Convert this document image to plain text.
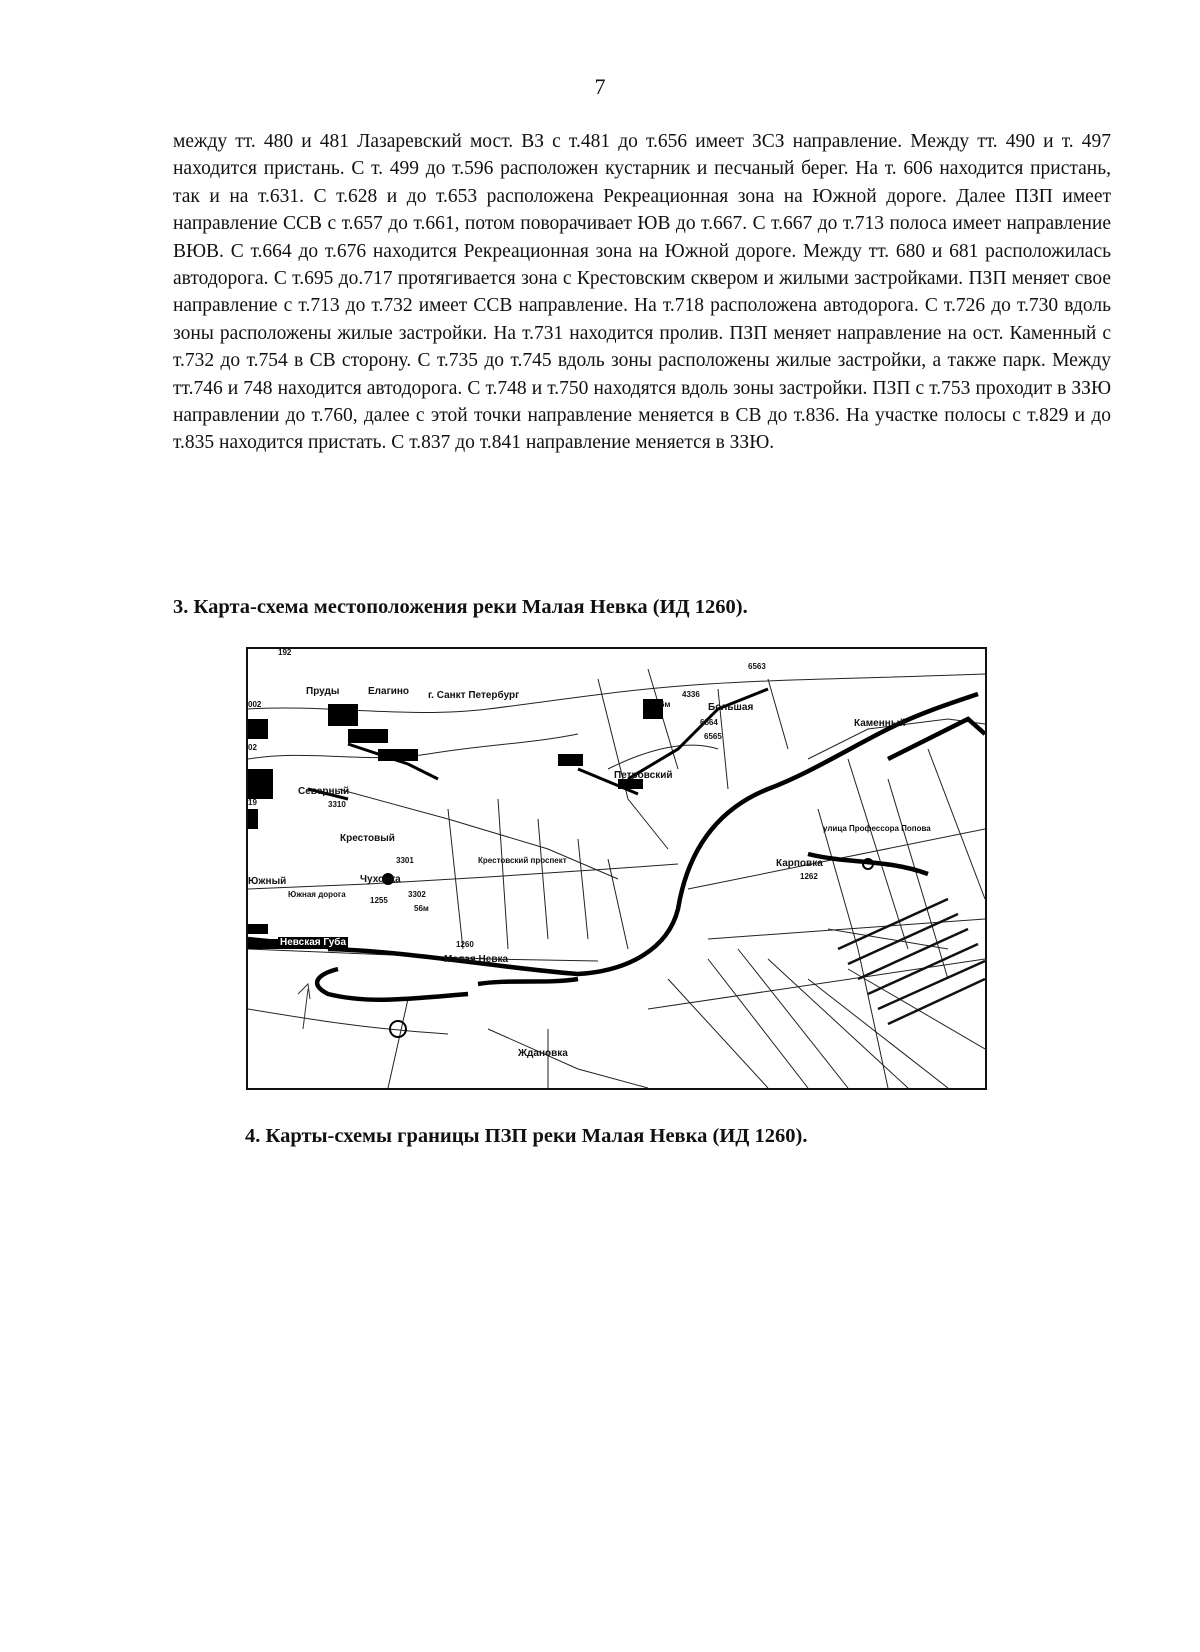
7

между тт. 480 и 481 Лазаревский мост. ВЗ с т.481 до т.656 имеет ЗСЗ направление. Между тт. 490 и т. 497 находится пристань. С т. 499 до т.596 расположен кустарник и песчаный берег. На т. 606 находится пристань, так и на т.631. С т.628 и до т.653 расположена Рекреационная зона на Южной дороге. Далее ПЗП имеет направление ССВ с т.657 до т.661, потом поворачивает ЮВ до т.667. С т.667 до т.713 полоса имеет направление ВЮВ. С т.664 до т.676 находится Рекреационная зона на Южной дороге. Между тт. 680 и 681 расположилась автодорога. С т.695 до.717 протягивается зона с Крестовским сквером и жилыми застройками. ПЗП меняет свое направление с т.713 до т.732 имеет ССВ направление. На т.718 расположена автодорога. С т.726 до т.730 вдоль зоны расположены жилые застройки. На т.731 находится пролив. ПЗП меняет направление на ост. Каменный с т.732 до т.754 в СВ сторону. С т.735 до т.745 вдоль зоны расположены жилые застройки, а также парк. Между тт.746 и 748 находится автодорога. С т.748 и т.750 находятся вдоль зоны застройки. ПЗП с т.753 проходит в ЗЗЮ направлении до т.760, далее с этой точки направление меняется в СВ до т.836. На участке полосы с т.829 и до т.835 находится пристать. С т.837 до т.841 направление меняется в ЗЗЮ.

3. Карта-схема местоположения реки Малая Невка (ИД 1260).
Пруды	Елагино г. Санкт Петербург
002
02
19
192
Северный
3310
Крестовый
3301
Южный	Чухонка
Южная дорога
1255
3302
56м
Невская Губа	1260
Малая Невка
Ждановка
Крестовский проспект
Петровский
6м
4336
Большая
6564
6565
6563
Каменный
улица Профессора Попова
Карповка
1262
4. Карты-схемы границы ПЗП реки Малая Невка (ИД 1260).
